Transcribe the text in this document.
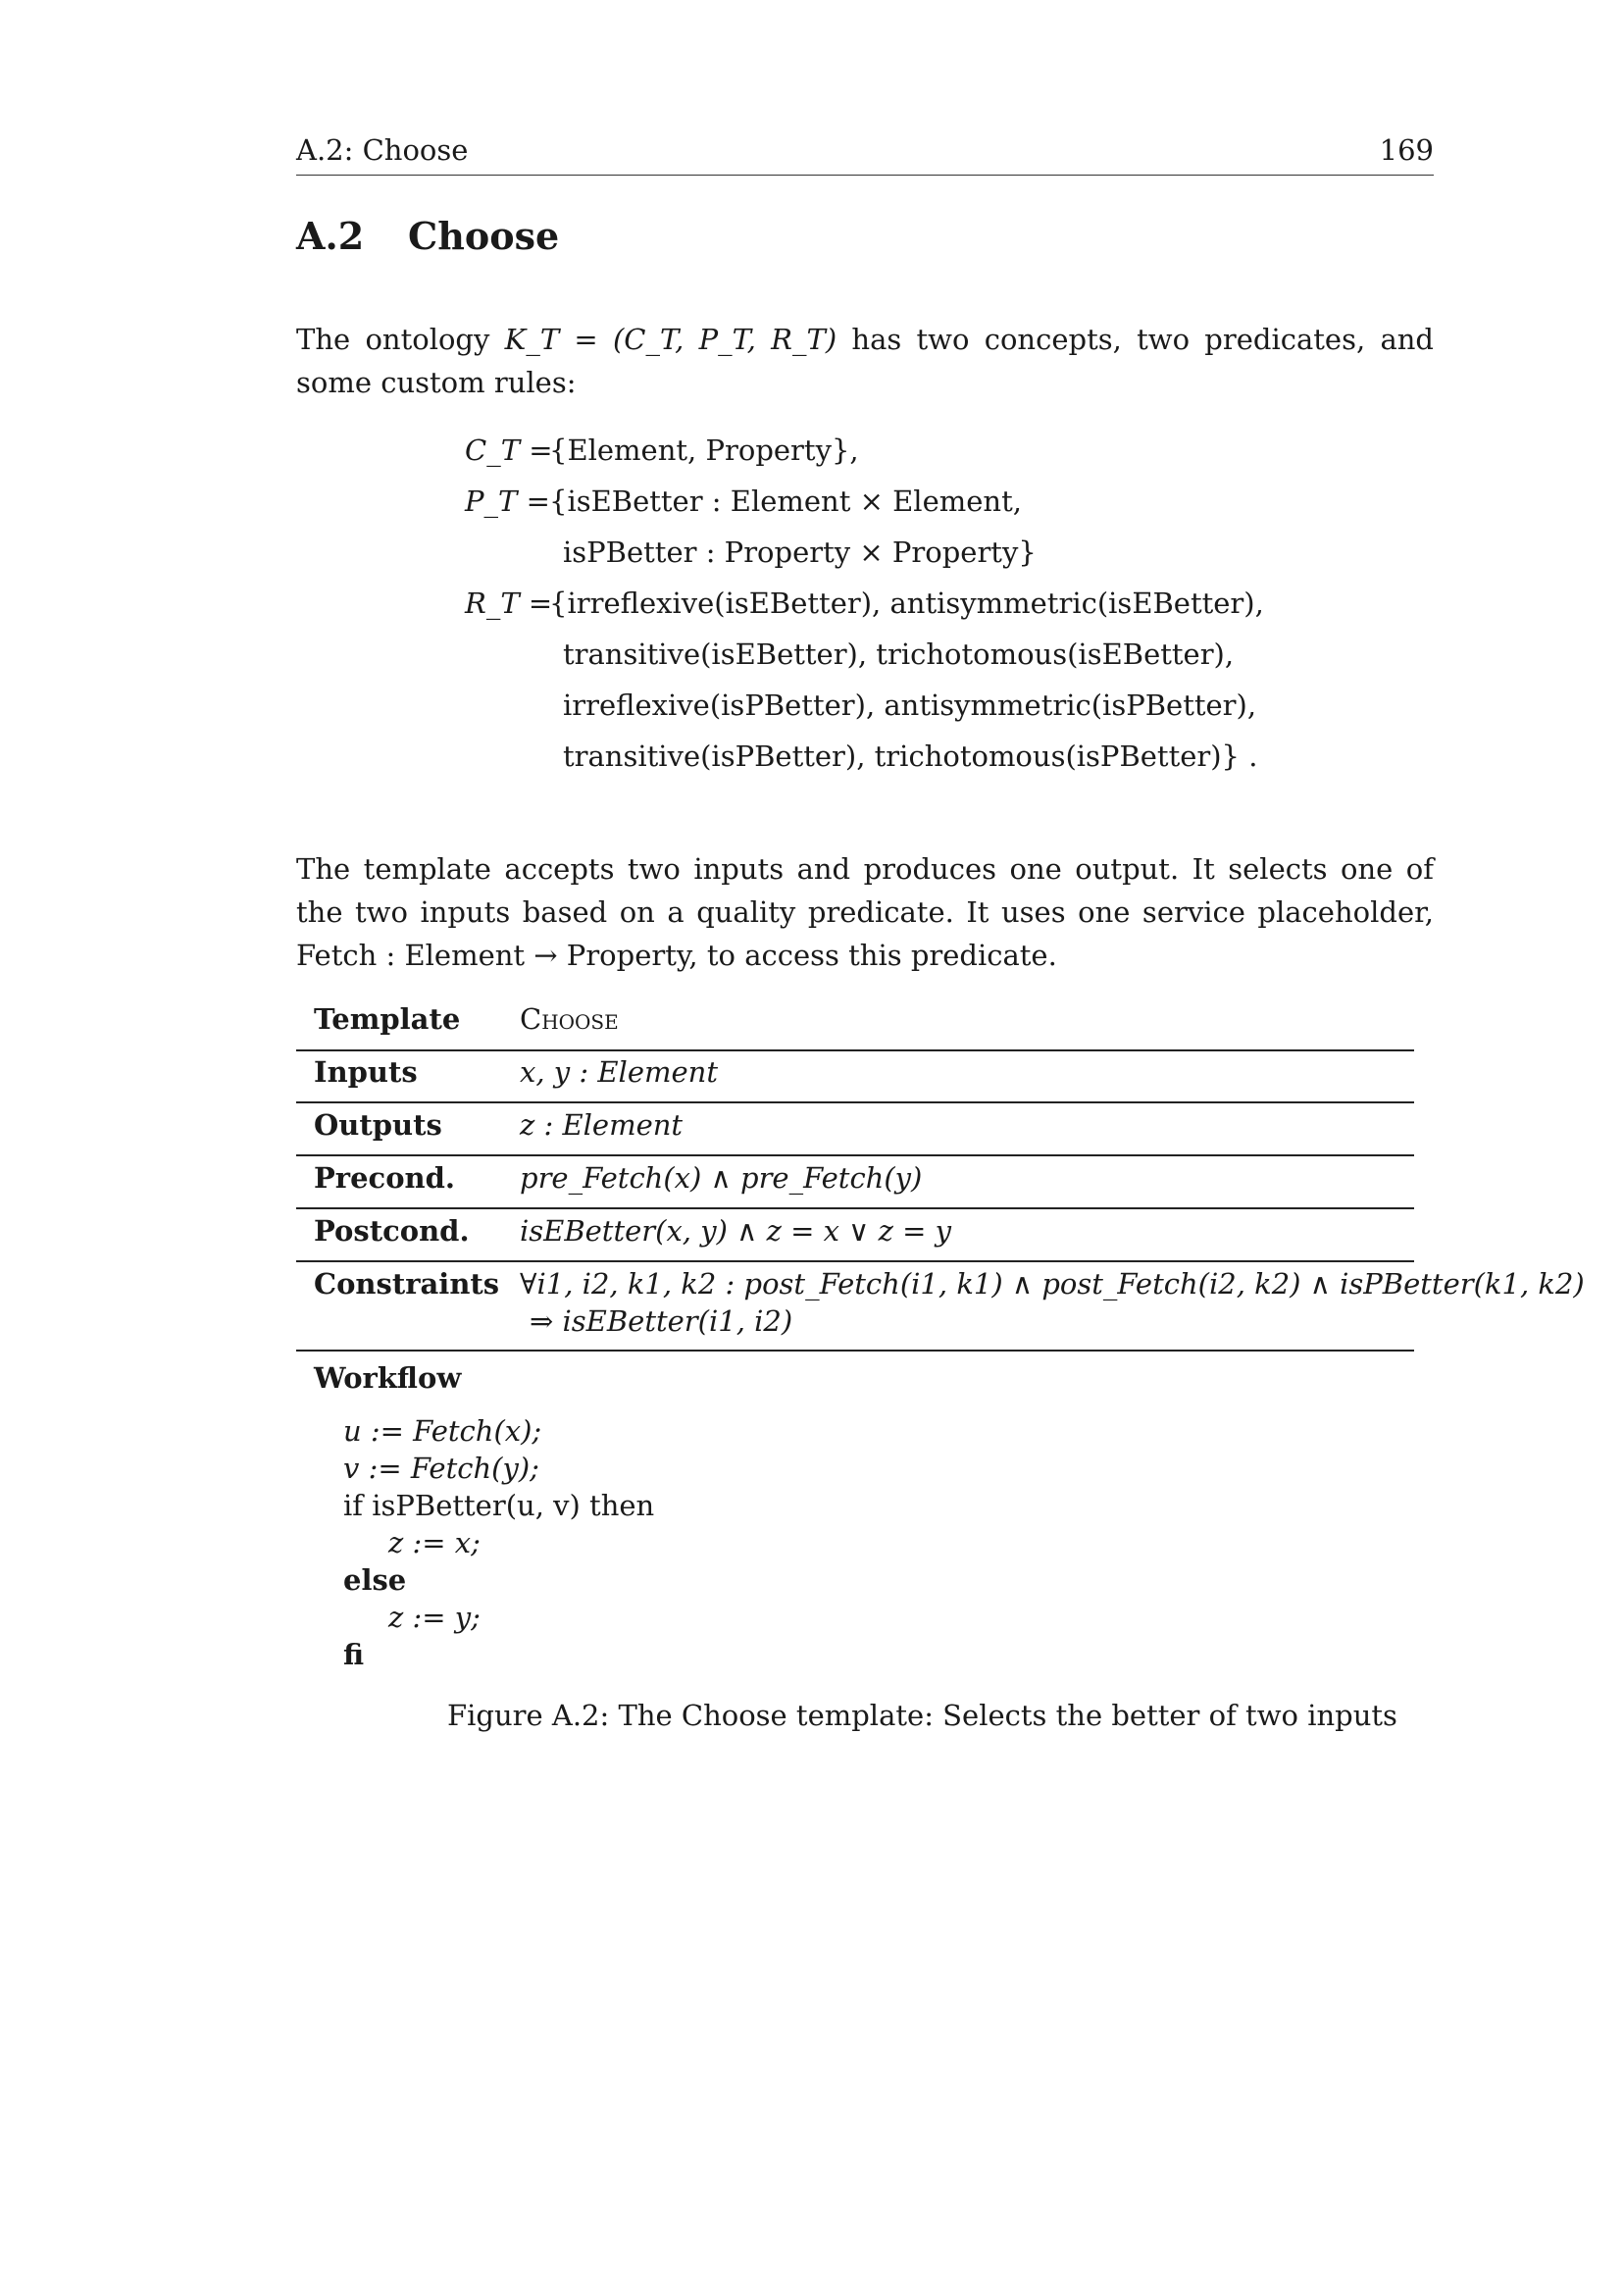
A.2: Choose	169
A.2 Choose
The ontology K_T = (C_T, P_T, R_T) has two concepts, two predicates, and some custom rules:
C_T =
{Element, Property},
P_T = {isEBetter : Element × Element,
isPBetter : Property × Property}
R_T =
{irreflexive(isEBetter), antisymmetric(isEBetter),
transitive(isEBetter), trichotomous(isEBetter),
irreflexive(isPBetter), antisymmetric(isPBetter),
transitive(isPBetter), trichotomous(isPBetter)} .
The template accepts two inputs and produces one output. It selects one of the two inputs based on a quality predicate. It uses one service placeholder, Fetch : Element → Property, to access this predicate.
Template Choose
Inputs	x, y : Element
Outputs	z : Element
Precond. pre_Fetch(x) ∧ pre_Fetch(y)
Postcond. isEBetter(x, y) ∧ z = x ∨ z = y
Constraints ∀i1, i2, k1, k2 : post_Fetch(i1, k1) ∧ post_Fetch(i2, k2) ∧ isPBetter(k1, k2)
⇒ isEBetter(i1, i2)
Workflow
u := Fetch(x);
v := Fetch(y);
if isPBetter(u, v) then
z := x;
else
z := y;
fi
Figure A.2: The Choose template: Selects the better of two inputs
